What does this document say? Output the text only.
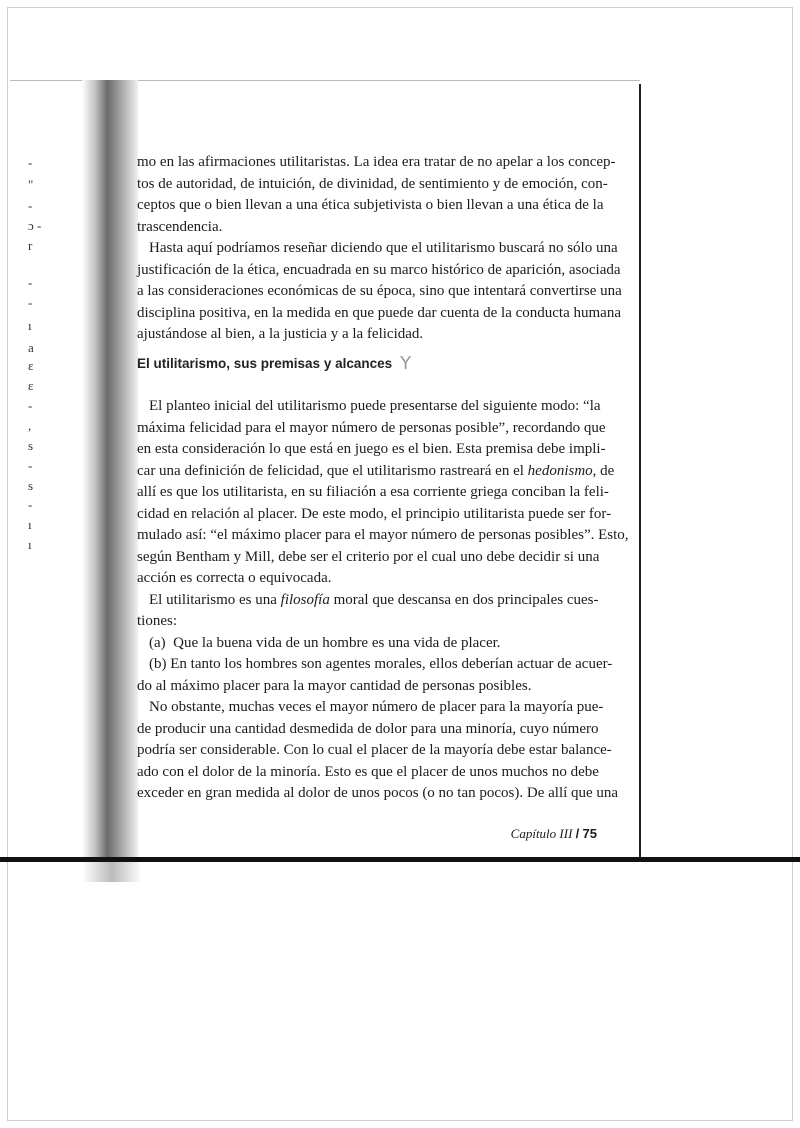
-
"
-
ɔ -
r
-
-
ı
a
ɛ
ɛ
-
,
s
-
s
-
ı
ı
mo en las afirmaciones utilitaristas. La idea era tratar de no apelar a los concep-
tos de autoridad, de intuición, de divinidad, de sentimiento y de emoción, con-
ceptos que o bien llevan a una ética subjetivista o bien llevan a una ética de la
trascendencia.
Hasta aquí podríamos reseñar diciendo que el utilitarismo buscará no sólo una
justificación de la ética, encuadrada en su marco histórico de aparición, asociada
a las consideraciones económicas de su época, sino que intentará convertirse una
disciplina positiva, en la medida en que puede dar cuenta de la conducta humana
ajustándose al bien, a la justicia y a la felicidad.
El utilitarismo, sus premisas y alcances Y
El planteo inicial del utilitarismo puede presentarse del siguiente modo: “la
máxima felicidad para el mayor número de personas posible”, recordando que
en esta consideración lo que está en juego es el bien. Esta premisa debe impli-
car una definición de felicidad, que el utilitarismo rastreará en el hedonismo, de
allí es que los utilitarista, en su filiación a esa corriente griega conciban la feli-
cidad en relación al placer. De este modo, el principio utilitarista puede ser for-
mulado así: “el máximo placer para el mayor número de personas posibles”. Esto,
según Bentham y Mill, debe ser el criterio por el cual uno debe decidir si una
acción es correcta o equivocada.
El utilitarismo es una filosofía moral que descansa en dos principales cues-
tiones:
(a) Que la buena vida de un hombre es una vida de placer.
(b) En tanto los hombres son agentes morales, ellos deberían actuar de acuer-
do al máximo placer para la mayor cantidad de personas posibles.
No obstante, muchas veces el mayor número de placer para la mayoría pue-
de producir una cantidad desmedida de dolor para una minoría, cuyo número
podría ser considerable. Con lo cual el placer de la mayoría debe estar balance-
ado con el dolor de la minoría. Esto es que el placer de unos muchos no debe
exceder en gran medida al dolor de unos pocos (o no tan pocos). De allí que una
Capítulo III / 75
